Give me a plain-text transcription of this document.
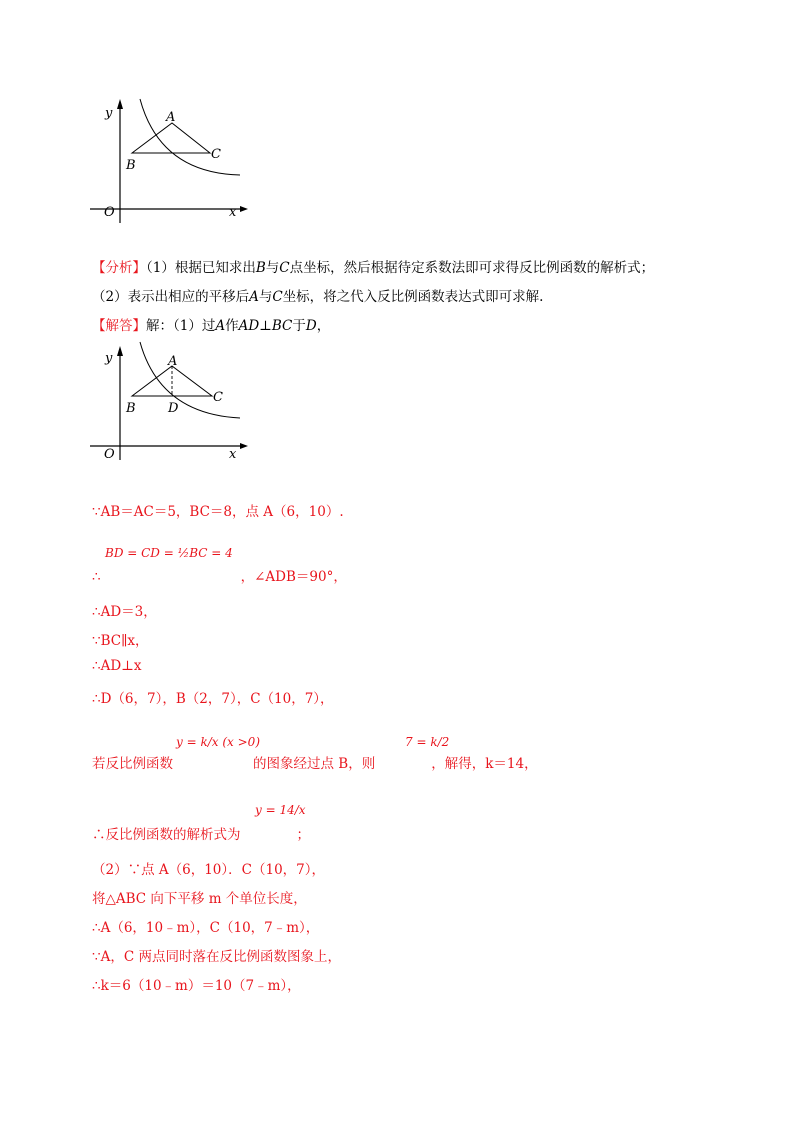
y	A
B
C
O	x
【分析】（1）根据已知求出B与C点坐标，然后根据待定系数法即可求得反比例函数的解析式；
（2）表示出相应的平移后A与C坐标，将之代入反比例函数表达式即可求解.
【解答】解：（1）过A作AD⊥BC于D，
y	A
B D
C
O	x
∵AB＝AC＝5，BC＝8，点 A（6，10）.
BD = CD = ½BC = 4
∴	，∠ADB＝90°，
∴AD＝3，
∵BC∥x，
∴AD⊥x
∴D（6，7），B（2，7），C（10，7），
y = k/x (x >0)	7 = k/2
若反比例函数	的图象经过点 B，则	，解得，k＝14，
y = 14/x
∴反比例函数的解析式为	；
（2）∵点 A（6，10）．C（10，7），
将△ABC 向下平移 m 个单位长度，
∴A（6，10﹣m），C（10，7﹣m），
∵A，C 两点同时落在反比例函数图象上，
∴k＝6（10﹣m）＝10（7﹣m），
